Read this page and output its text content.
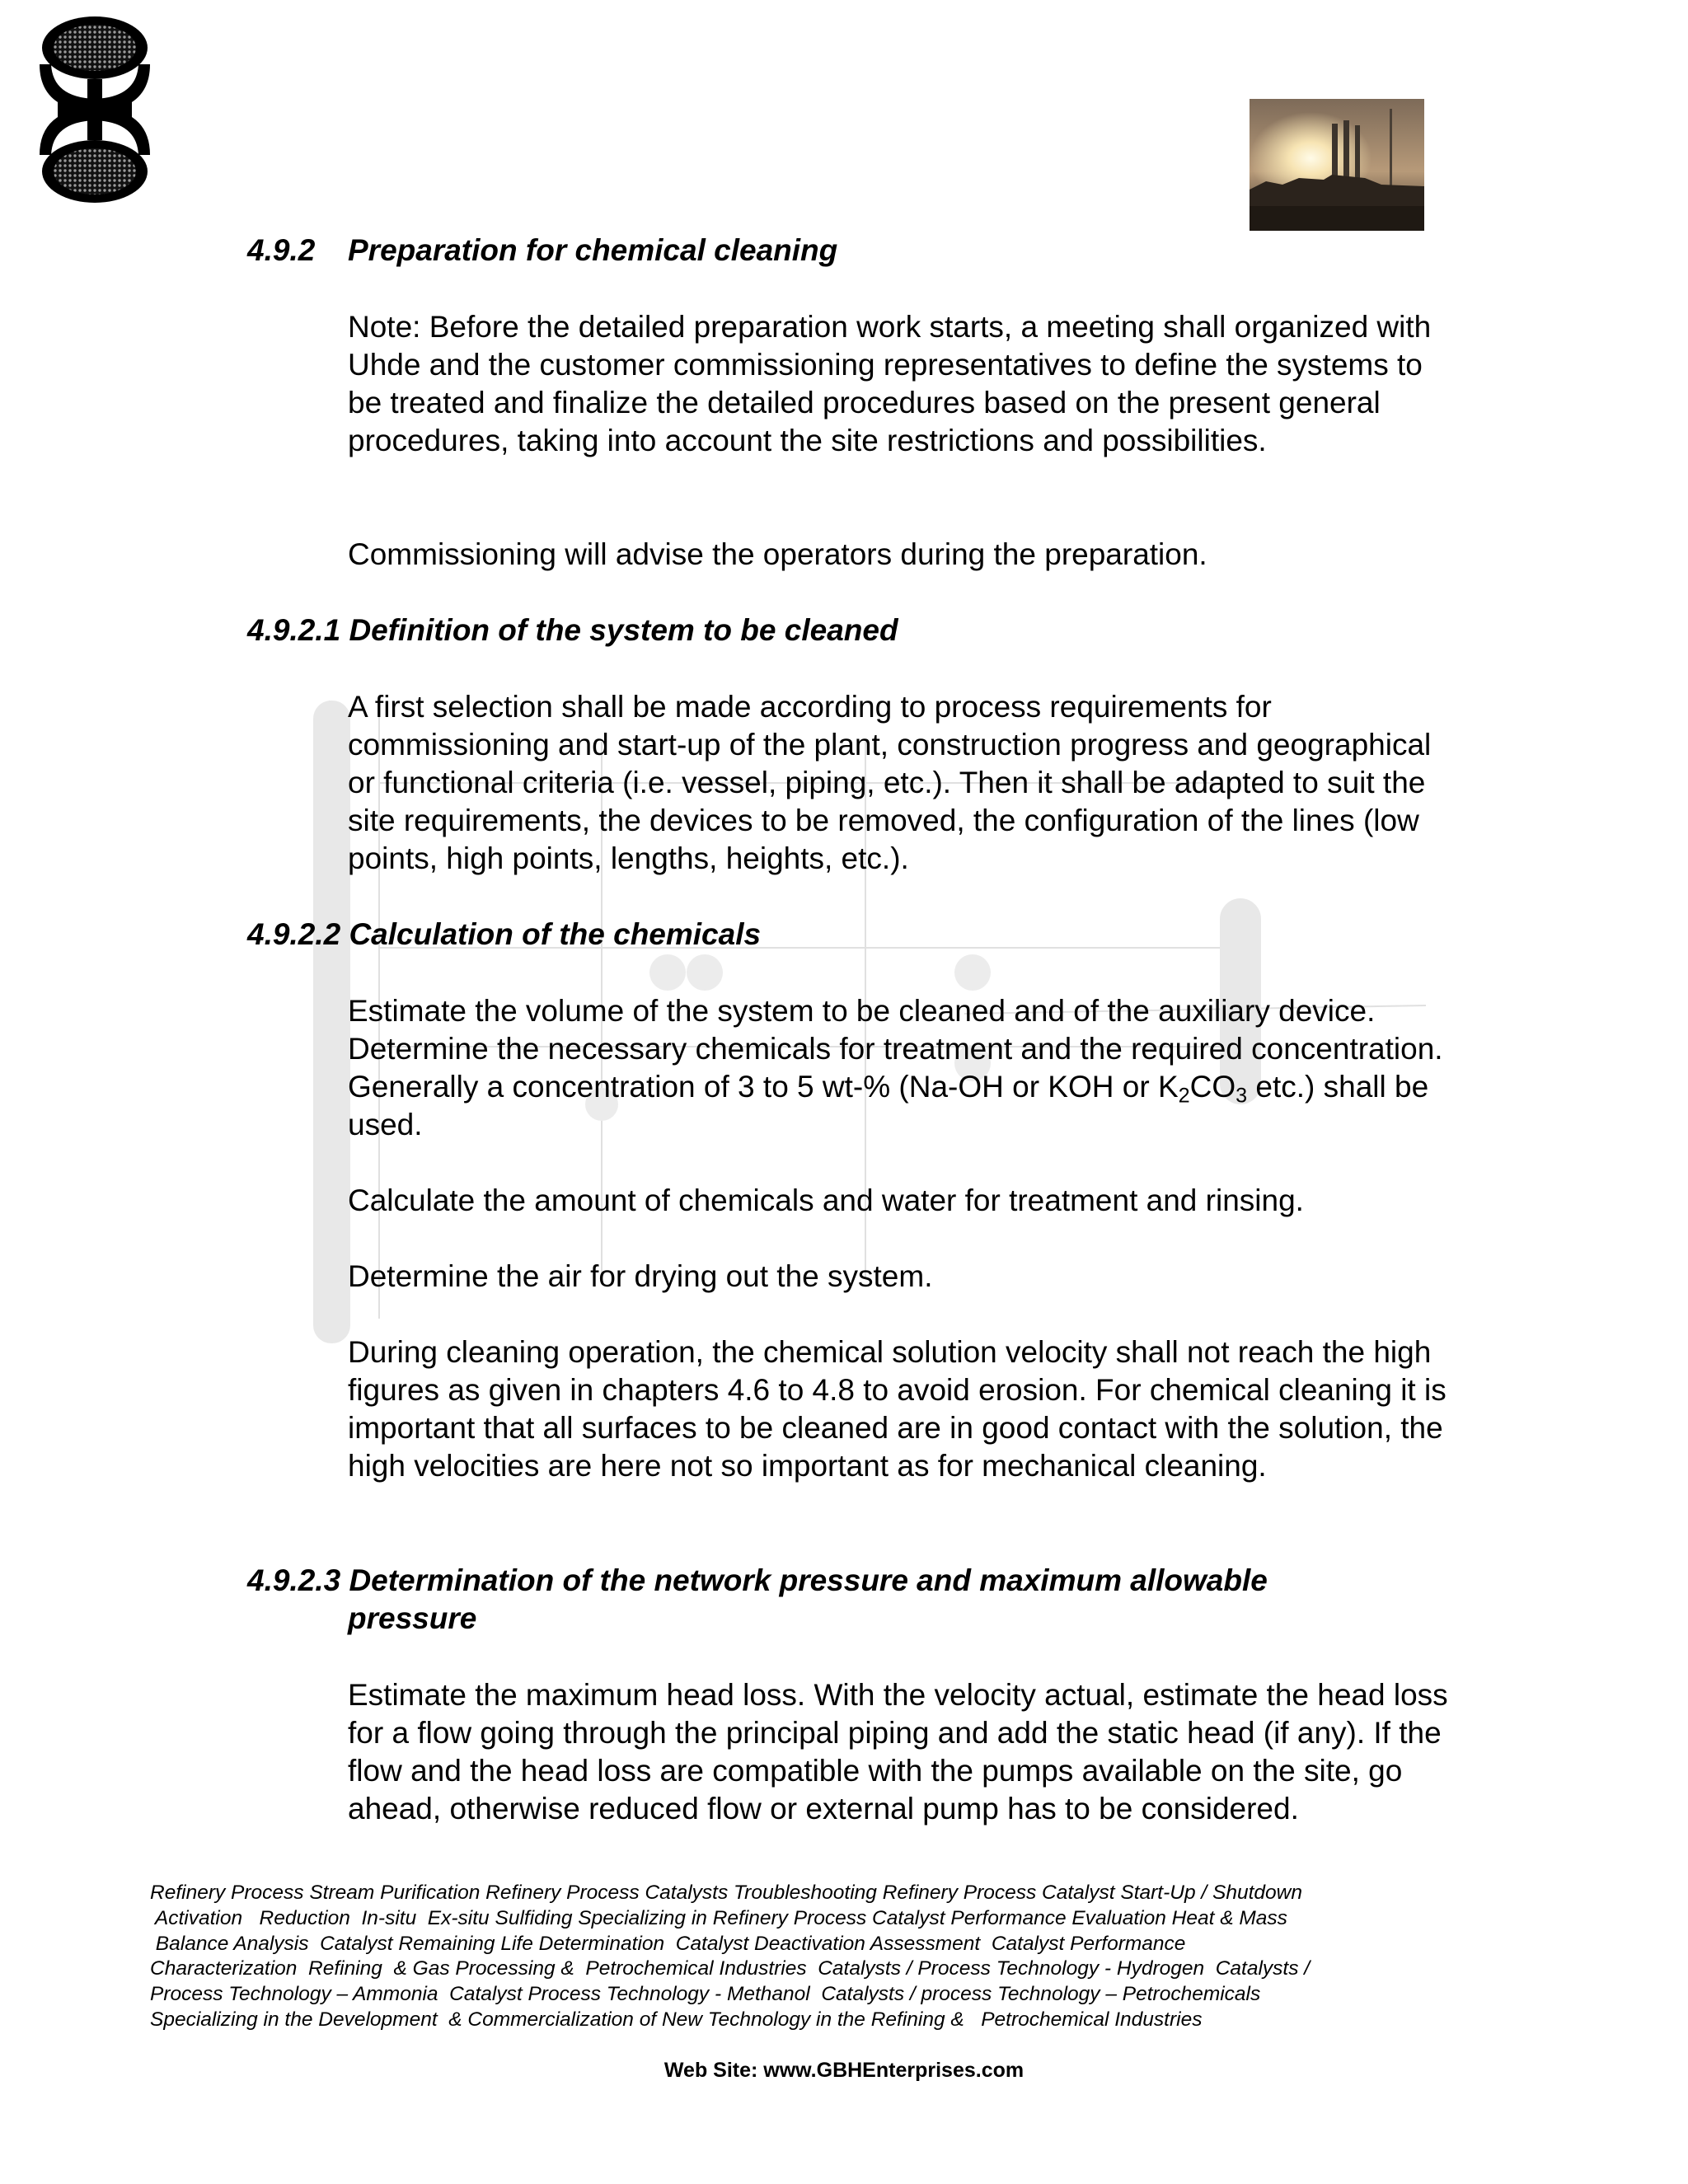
4.9.2 Preparation for chemical cleaning

Note: Before the detailed preparation work starts, a meeting shall organized with Uhde and the customer commissioning representatives to define the systems to be treated and finalize the detailed procedures based on the present general procedures, taking into account the site restrictions and possibilities.

Commissioning will advise the operators during the preparation.

4.9.2.1 Definition of the system to be cleaned

A first selection shall be made according to process requirements for commissioning and start-up of the plant, construction progress and geographical or functional criteria (i.e. vessel, piping, etc.). Then it shall be adapted to suit the site requirements, the devices to be removed, the configuration of the lines (low points, high points, lengths, heights, etc.).

4.9.2.2 Calculation of the chemicals

Estimate the volume of the system to be cleaned and of the auxiliary device. Determine the necessary chemicals for treatment and the required concentration. Generally a concentration of 3 to 5 wt-% (Na-OH or KOH or $K_2CO_3$ etc.) shall be used.

Calculate the amount of chemicals and water for treatment and rinsing.

Determine the air for drying out the system.

During cleaning operation, the chemical solution velocity shall not reach the high figures as given in chapters 4.6 to 4.8 to avoid erosion. For chemical cleaning it is important that all surfaces to be cleaned are in good contact with the solution, the high velocities are here not so important as for mechanical cleaning.

4.9.2.3 Determination of the network pressure and maximum allowable
pressure

Estimate the maximum head loss. With the velocity actual, estimate the head loss for a flow going through the principal piping and add the static head (if any). If the flow and the head loss are compatible with the pumps available on the site, go ahead, otherwise reduced flow or external pump has to be considered.

Refinery Process Stream Purification Refinery Process Catalysts Troubleshooting Refinery Process Catalyst Start-Up / Shutdown
Activation   Reduction  In-situ  Ex-situ Sulfiding Specializing in Refinery Process Catalyst Performance Evaluation Heat & Mass
Balance Analysis  Catalyst Remaining Life Determination  Catalyst Deactivation Assessment  Catalyst Performance
Characterization  Refining  & Gas Processing &  Petrochemical Industries  Catalysts / Process Technology - Hydrogen  Catalysts /
Process Technology – Ammonia  Catalyst Process Technology - Methanol  Catalysts / process Technology – Petrochemicals
Specializing in the Development  & Commercialization of New Technology in the Refining &   Petrochemical Industries

Web Site: www.GBHEnterprises.com
